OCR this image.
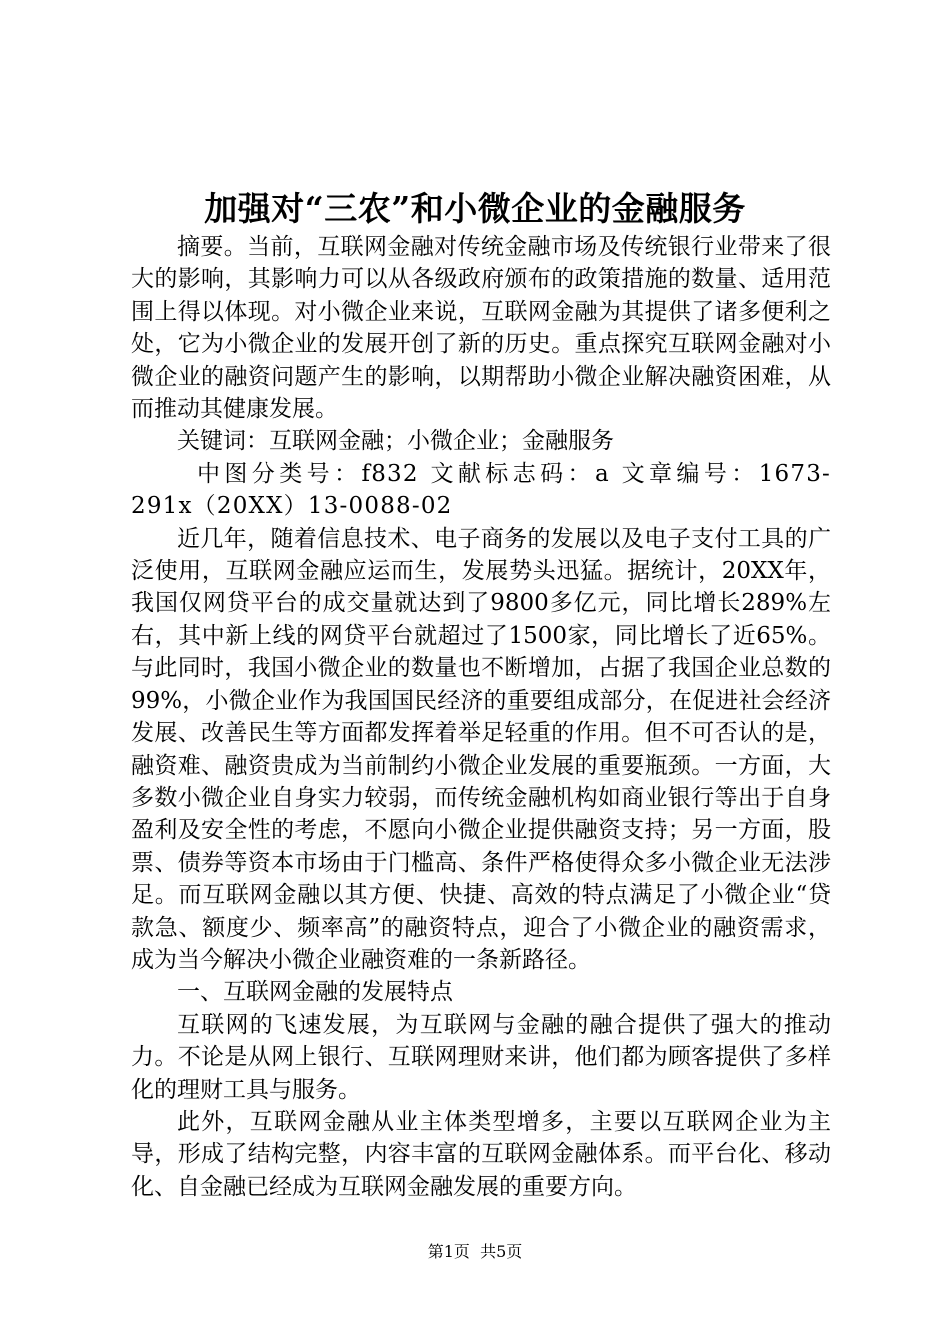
加强对“三农”和小微企业的金融服务

摘要。当前，互联网金融对传统金融市场及传统银行业带来了很大的影响，其影响力可以从各级政府颁布的政策措施的数量、适用范围上得以体现。对小微企业来说，互联网金融为其提供了诸多便利之处，它为小微企业的发展开创了新的历史。重点探究互联网金融对小微企业的融资问题产生的影响，以期帮助小微企业解决融资困难，从而推动其健康发展。

关键词：互联网金融；小微企业；金融服务

中图分类号：f832 文献标志码：a 文章编号：1673-291x（20XX）13-0088-02

近几年，随着信息技术、电子商务的发展以及电子支付工具的广泛使用，互联网金融应运而生，发展势头迅猛。据统计，20XX年，我国仅网贷平台的成交量就达到了9800多亿元，同比增长289%左右，其中新上线的网贷平台就超过了1500家，同比增长了近65%。与此同时，我国小微企业的数量也不断增加，占据了我国企业总数的99%，小微企业作为我国国民经济的重要组成部分，在促进社会经济发展、改善民生等方面都发挥着举足轻重的作用。但不可否认的是，融资难、融资贵成为当前制约小微企业发展的重要瓶颈。一方面，大多数小微企业自身实力较弱，而传统金融机构如商业银行等出于自身盈利及安全性的考虑，不愿向小微企业提供融资支持；另一方面，股票、债券等资本市场由于门槛高、条件严格使得众多小微企业无法涉足。而互联网金融以其方便、快捷、高效的特点满足了小微企业“贷款急、额度少、频率高”的融资特点，迎合了小微企业的融资需求，成为当今解决小微企业融资难的一条新路径。

一、互联网金融的发展特点

互联网的飞速发展，为互联网与金融的融合提供了强大的推动力。不论是从网上银行、互联网理财来讲，他们都为顾客提供了多样化的理财工具与服务。

此外，互联网金融从业主体类型增多，主要以互联网企业为主导，形成了结构完整，内容丰富的互联网金融体系。而平台化、移动化、自金融已经成为互联网金融发展的重要方向。

第1页 共5页
